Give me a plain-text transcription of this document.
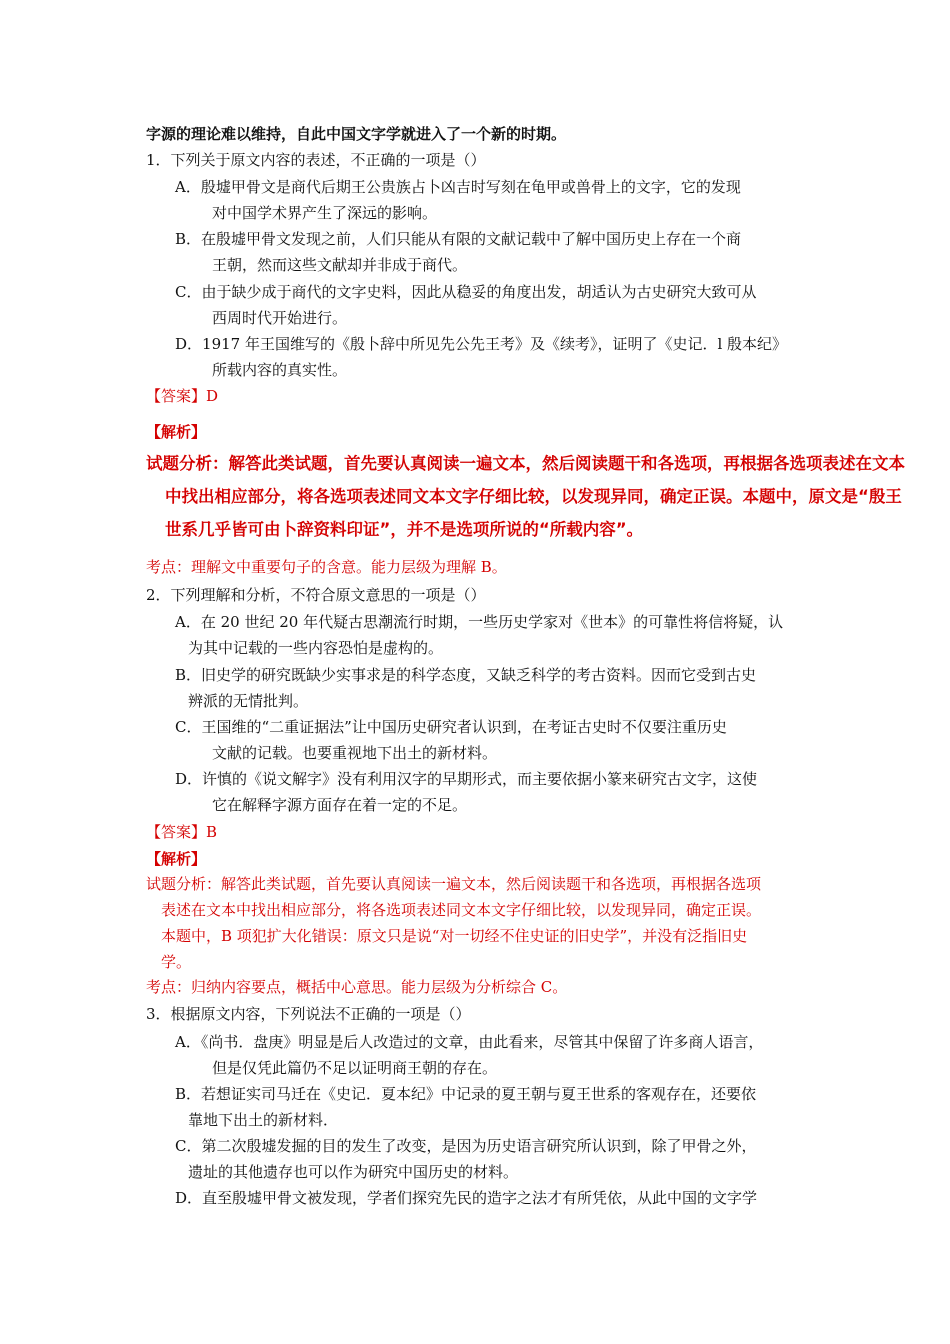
字源的理论难以维持，自此中国文字学就进入了一个新的时期。
1．下列关于原文内容的表述，不正确的一项是（）
A．殷墟甲骨文是商代后期王公贵族占卜凶吉时写刻在龟甲或兽骨上的文字，它的发现
对中国学术界产生了深远的影响。
B．在殷墟甲骨文发现之前，人们只能从有限的文献记载中了解中国历史上存在一个商
王朝，然而这些文献却并非成于商代。
C．由于缺少成于商代的文字史料，因此从稳妥的角度出发，胡适认为古史研究大致可从
西周时代开始进行。
D．1917 年王国维写的《殷卜辞中所见先公先王考》及《续考》，证明了《史记．l 殷本纪》
所载内容的真实性。
【答案】D
【解析】
试题分析：解答此类试题，首先要认真阅读一遍文本，然后阅读题干和各选项，再根据各选项表述在文本
中找出相应部分，将各选项表述同文本文字仔细比较，以发现异同，确定正误。本题中，原文是“殷王
世系几乎皆可由卜辞资料印证”，并不是选项所说的“所载内容”。
考点：理解文中重要句子的含意。能力层级为理解 B。
2．下列理解和分析，不符合原文意思的一项是（）
A．在 20 世纪 20 年代疑古思潮流行时期，一些历史学家对《世本》的可靠性将信将疑，认
为其中记载的一些内容恐怕是虚构的。
B．旧史学的研究既缺少实事求是的科学态度，又缺乏科学的考古资料。因而它受到古史
辨派的无情批判。
C．王国维的“二重证据法”让中国历史研究者认识到，在考证古史时不仅要注重历史
文献的记载。也要重视地下出土的新材料。
D．许慎的《说文解字》没有利用汉字的早期形式，而主要依据小篆来研究古文字，这使
它在解释字源方面存在着一定的不足。
【答案】B
【解析】
试题分析：解答此类试题，首先要认真阅读一遍文本，然后阅读题干和各选项，再根据各选项
表述在文本中找出相应部分，将各选项表述同文本文字仔细比较，以发现异同，确定正误。
本题中，B 项犯扩大化错误：原文只是说“对一切经不住史证的旧史学”，并没有泛指旧史
学。
考点：归纳内容要点，概括中心意思。能力层级为分析综合 C。
3．根据原文内容，下列说法不正确的一项是（）
A．《尚书．盘庚》明显是后人改造过的文章，由此看来，尽管其中保留了许多商人语言，
但是仅凭此篇仍不足以证明商王朝的存在。
B．若想证实司马迁在《史记．夏本纪》中记录的夏王朝与夏王世系的客观存在，还要依
靠地下出土的新材料．
C．第二次殷墟发掘的目的发生了改变，是因为历史语言研究所认识到，除了甲骨之外，
遗址的其他遗存也可以作为研究中国历史的材料。
D．直至殷墟甲骨文被发现，学者们探究先民的造字之法才有所凭依，从此中国的文字学
